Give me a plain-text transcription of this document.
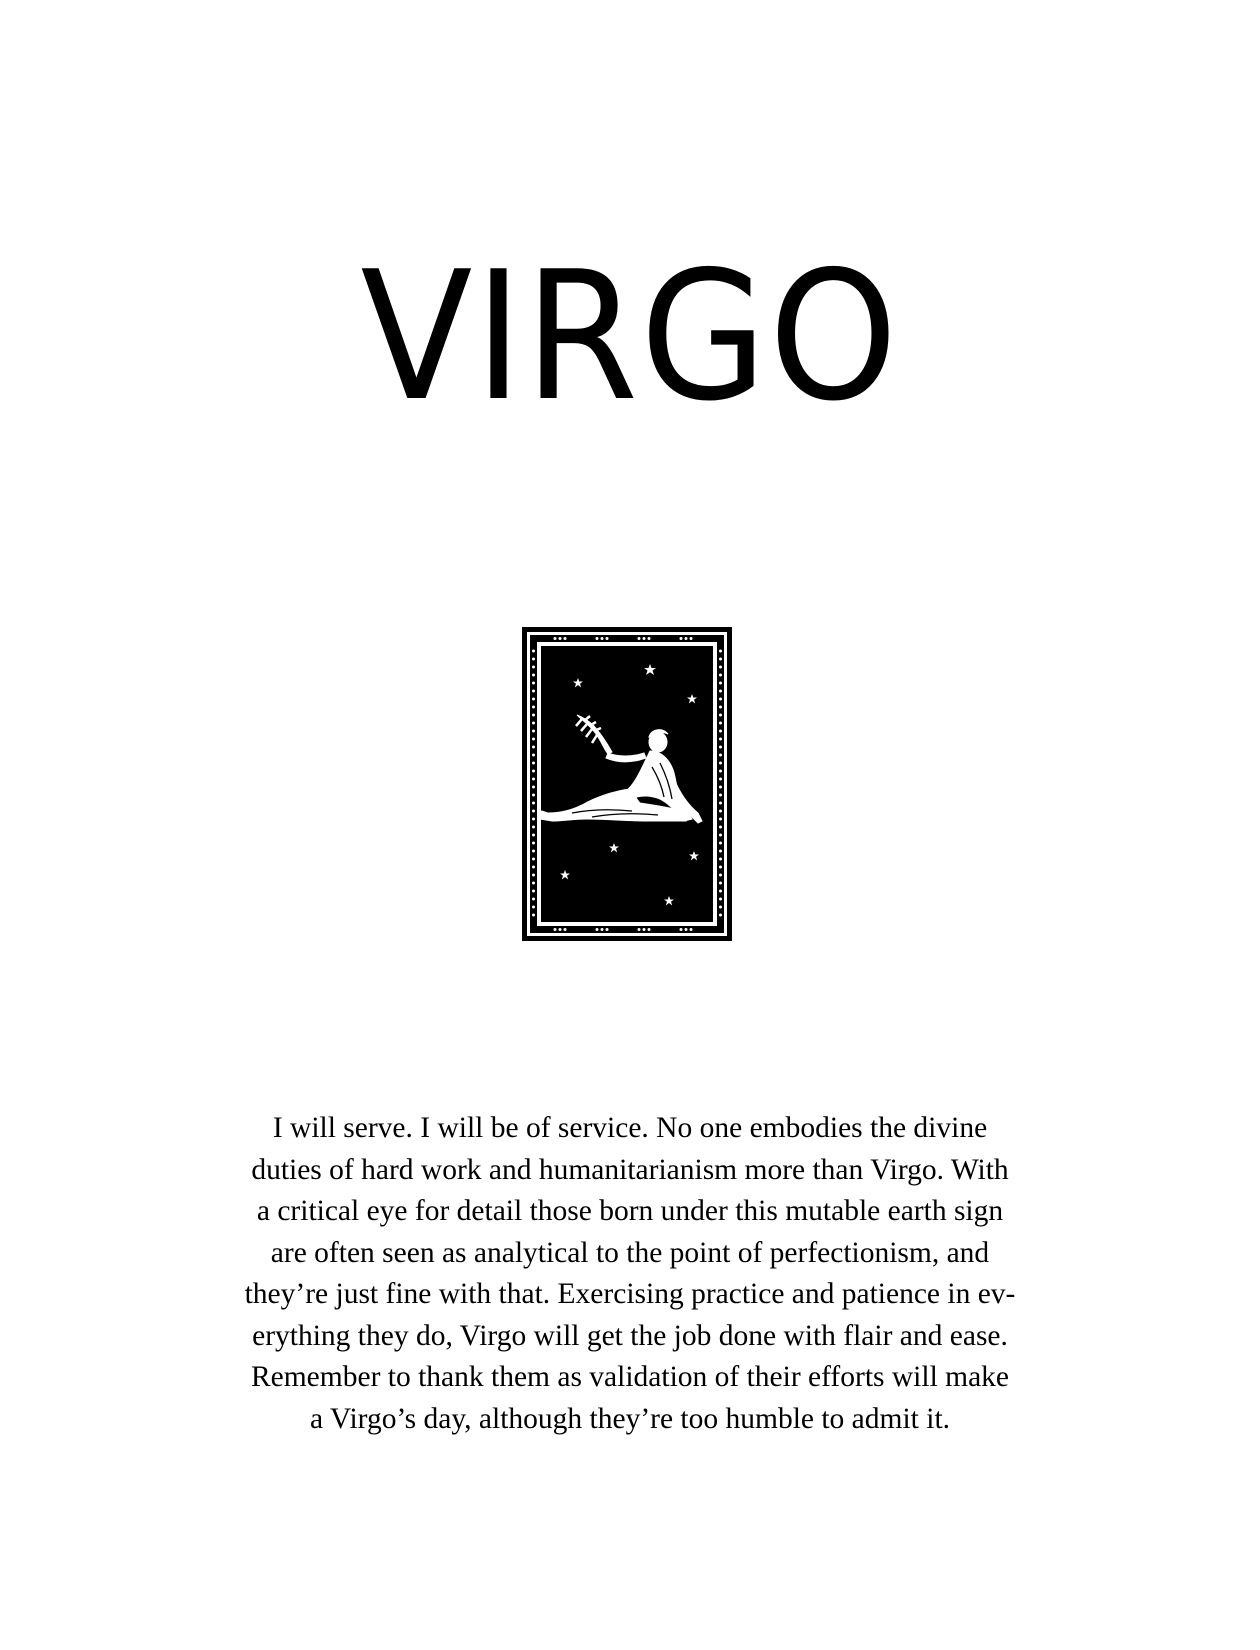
VIRGO

I will serve. I will be of service. No one embodies the divine
duties of hard work and humanitarianism more than Virgo. With
a critical eye for detail those born under this mutable earth sign
are often seen as analytical to the point of perfectionism, and
they’re just fine with that. Exercising practice and patience in ev-
erything they do, Virgo will get the job done with flair and ease.
Remember to thank them as validation of their efforts will make
a Virgo’s day, although they’re too humble to admit it.
